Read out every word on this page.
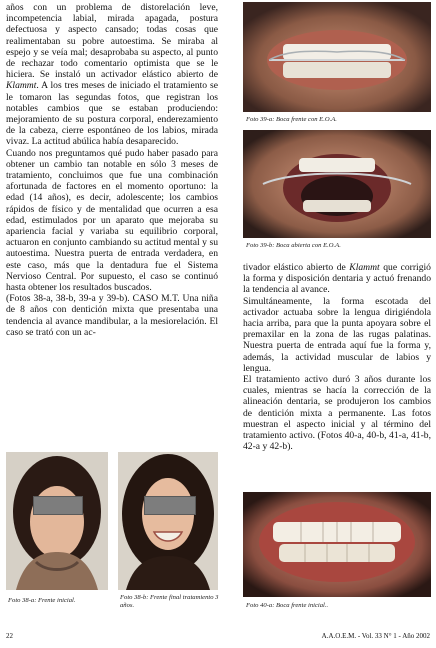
años con un problema de distorelación leve, incompetencia labial, mirada apagada, postura defectuosa y aspecto cansado; todas cosas que realimentaban su pobre autoestima. Se miraba al espejo y se veía mal; desaprobaba su aspecto, al punto de rechazar todo comentario optimista que se le hiciera. Se instaló un activador elástico abierto de Klammt. A los tres meses de iniciado el tratamiento se le tomaron las segundas fotos, que registran los notables cambios que se estaban produciendo: mejoramiento de su postura corporal, enderezamiento de la cabeza, cierre espontáneo de los labios, mirada vivaz. La actitud abúlica había desaparecido.

Cuando nos preguntamos qué pudo haber pasado para obtener un cambio tan notable en sólo 3 meses de tratamiento, concluimos que fue una combinación afortunada de factores en el momento oportuno: la edad (14 años), es decir, adolescente; los cambios rápidos de físico y de mentalidad que ocurren a esa edad, estimulados por un aparato que mejoraba su apariencia facial y variaba su equilibrio corporal, actuaron en conjunto cambiando su actitud mental y su autoestima. Nuestra puerta de entrada verdadera, en este caso, más que la dentadura fue el Sistema Nervioso Central. Por supuesto, el caso se continuó hasta obtener los resultados buscados.

(Fotos 38-a, 38-b, 39-a y 39-b). CASO M.T. Una niña de 8 años con dentición mixta que presentaba una tendencia al avance mandibular, a la mesiorelación. El caso se trató con un ac-

Foto 39-a: Boca frente con E.O.A.
Foto 39-b: Boca abierta con E.O.A.

tivador elástico abierto de Klammt que corrigió la forma y disposición dentaria y actuó frenando la tendencia al avance.

Simultáneamente, la forma escotada del activador actuaba sobre la lengua dirigiéndola hacia arriba, para que la punta apoyara sobre el premaxilar en la zona de las rugas palatinas. Nuestra puerta de entrada aquí fue la forma y, además, la actividad muscular de labios y lengua.

El tratamiento activo duró 3 años durante los cuales, mientras se hacía la corrección de la alineación dentaria, se produjeron los cambios de dentición mixta a permanente. Las fotos muestran el aspecto inicial y al término del tratamiento activo. (Fotos 40-a, 40-b, 41-a, 41-b, 42-a y 42-b).

Foto 38-a: Frente inicial.	Foto 38-b: Frente final tratamiento 3 años.	Foto 40-a: Boca frente inicial..
22	A.A.O.E.M. - Vol. 33 N° 1 - Año 2002
